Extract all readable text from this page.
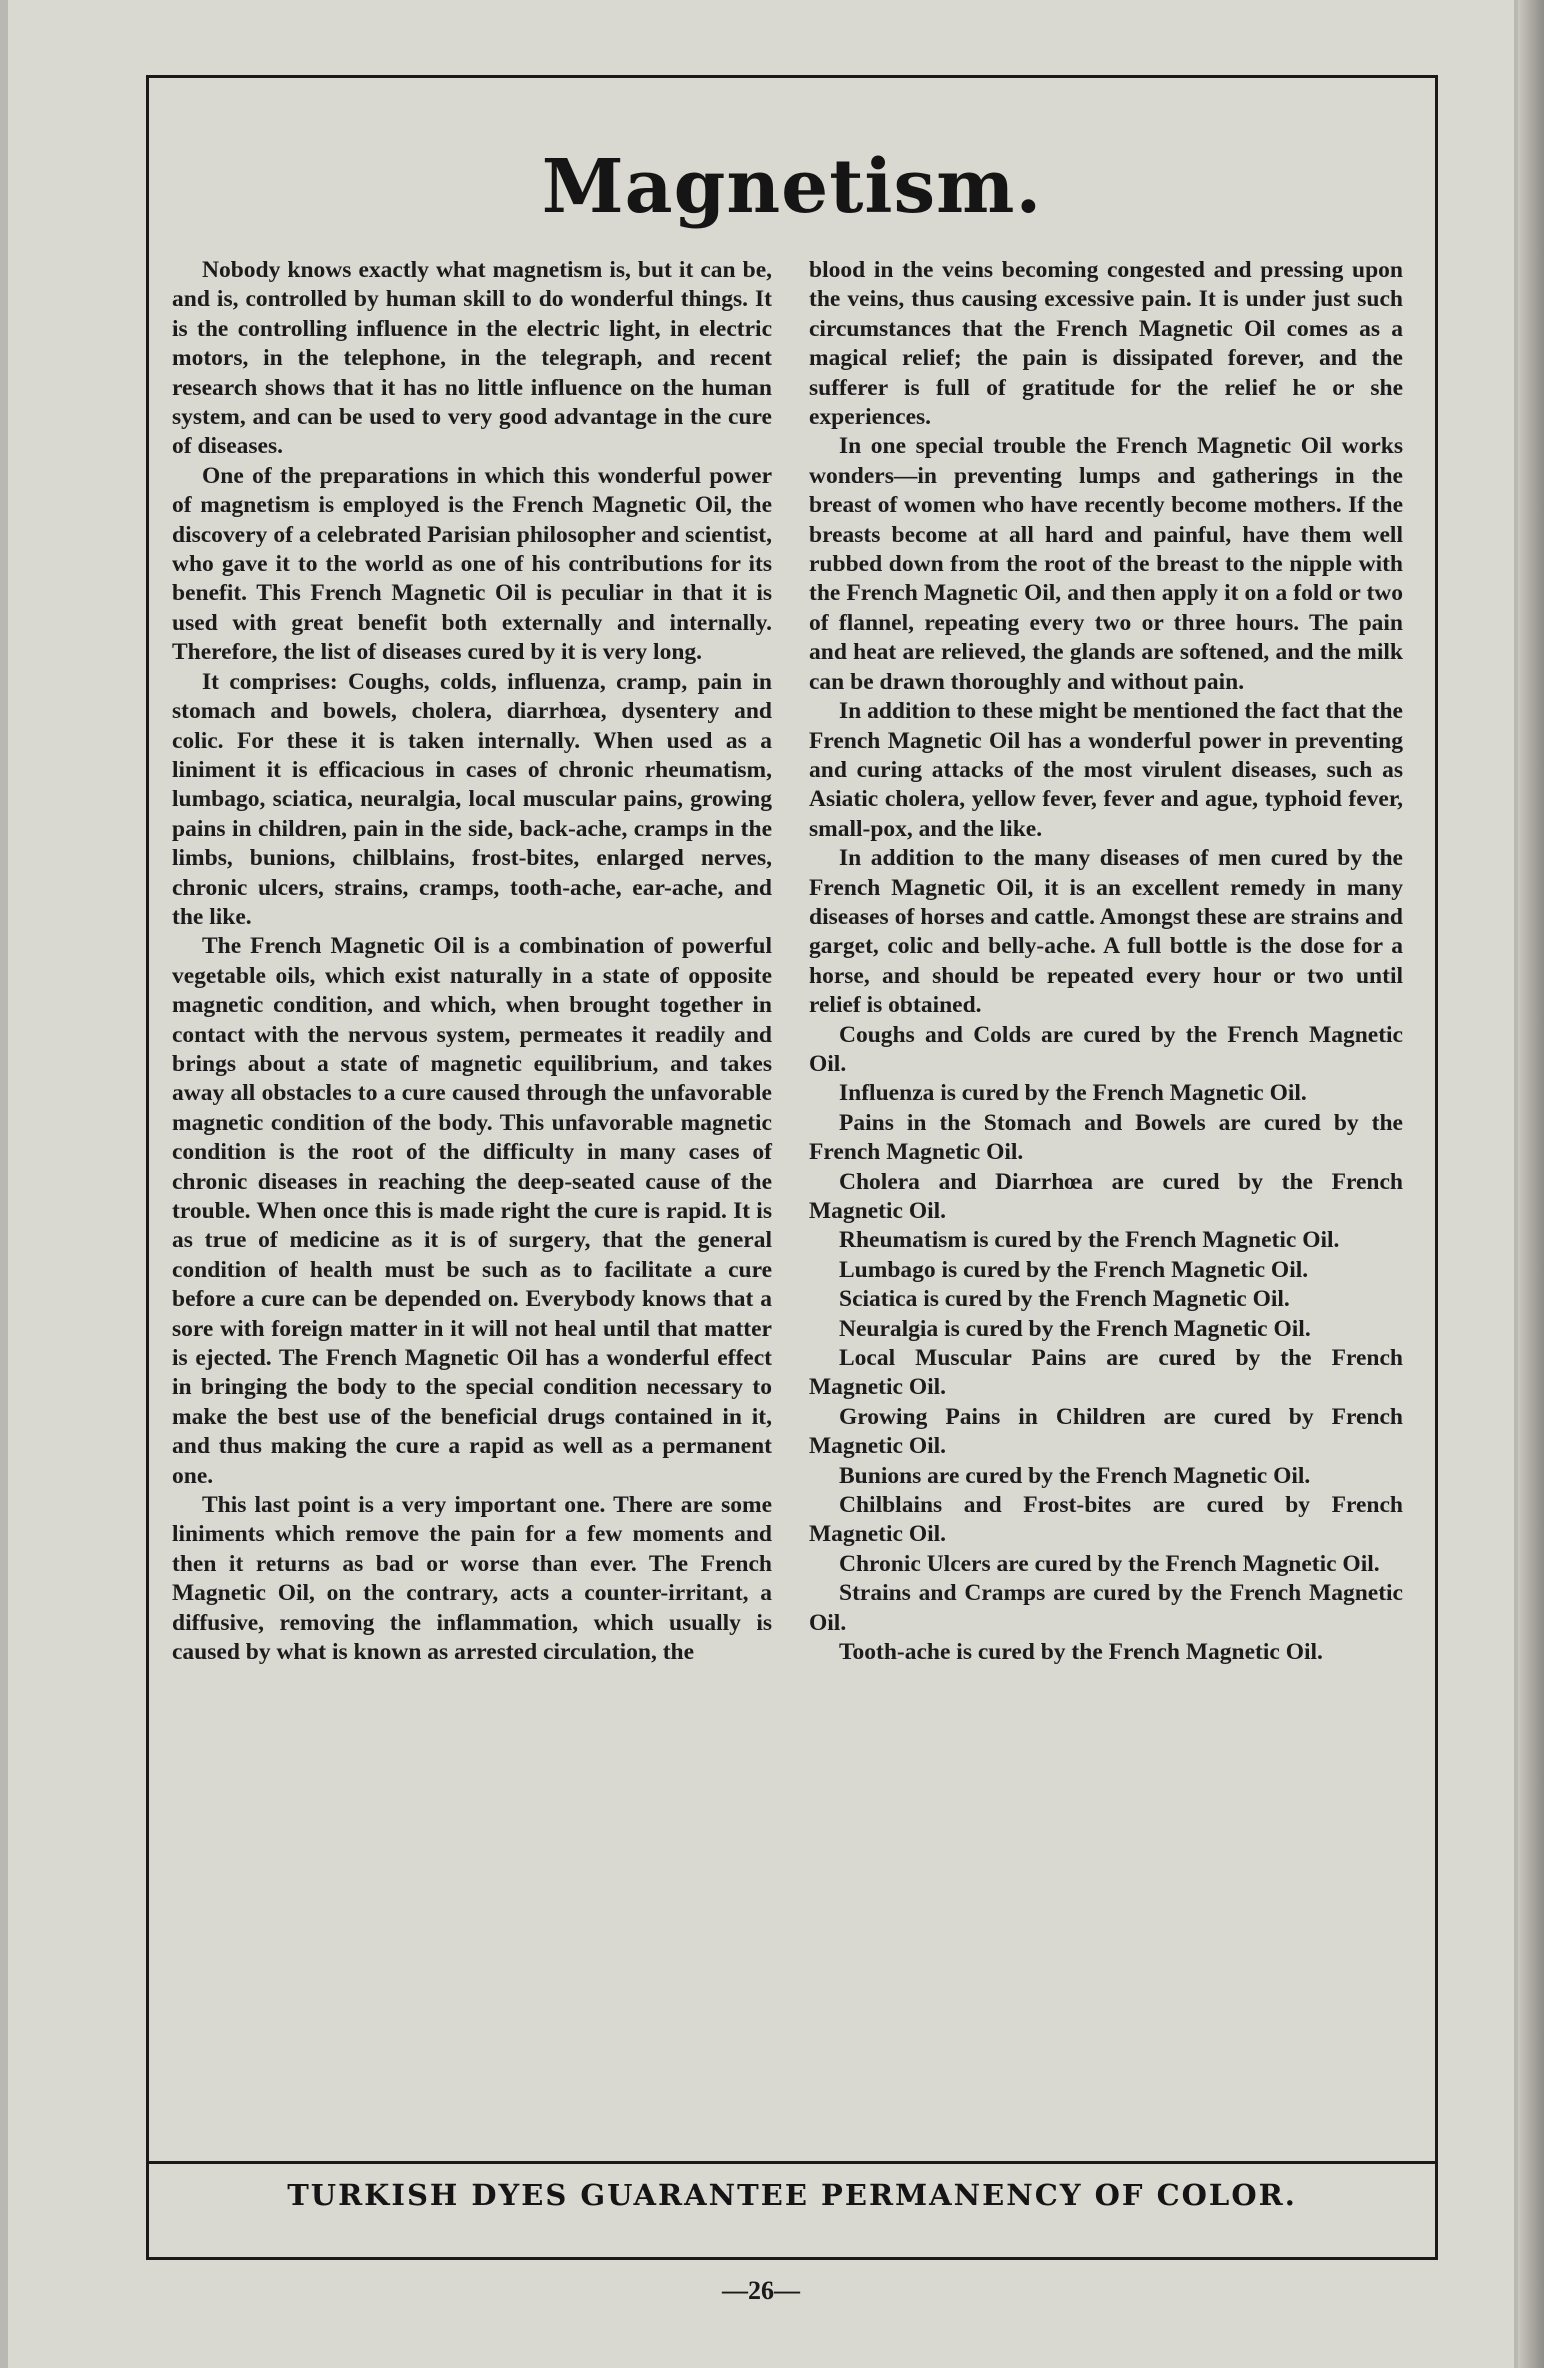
Magnetism.

Nobody knows exactly what magnetism is, but it can be, and is, controlled by human skill to do wonderful things. It is the controlling influence in the electric light, in electric motors, in the telephone, in the telegraph, and recent research shows that it has no little influence on the human system, and can be used to very good advantage in the cure of diseases.

One of the preparations in which this wonderful power of magnetism is employed is the French Magnetic Oil, the discovery of a celebrated Parisian philosopher and scientist, who gave it to the world as one of his contributions for its benefit. This French Magnetic Oil is peculiar in that it is used with great benefit both externally and internally. Therefore, the list of diseases cured by it is very long.

It comprises: Coughs, colds, influenza, cramp, pain in stomach and bowels, cholera, diarrhœa, dysentery and colic. For these it is taken internally. When used as a liniment it is efficacious in cases of chronic rheumatism, lumbago, sciatica, neuralgia, local muscular pains, growing pains in children, pain in the side, back-ache, cramps in the limbs, bunions, chilblains, frost-bites, enlarged nerves, chronic ulcers, strains, cramps, tooth-ache, ear-ache, and the like.

The French Magnetic Oil is a combination of powerful vegetable oils, which exist naturally in a state of opposite magnetic condition, and which, when brought together in contact with the nervous system, permeates it readily and brings about a state of magnetic equilibrium, and takes away all obstacles to a cure caused through the unfavorable magnetic condition of the body. This unfavorable magnetic condition is the root of the difficulty in many cases of chronic diseases in reaching the deep-seated cause of the trouble. When once this is made right the cure is rapid. It is as true of medicine as it is of surgery, that the general condition of health must be such as to facilitate a cure before a cure can be depended on. Everybody knows that a sore with foreign matter in it will not heal until that matter is ejected. The French Magnetic Oil has a wonderful effect in bringing the body to the special condition necessary to make the best use of the beneficial drugs contained in it, and thus making the cure a rapid as well as a permanent one.

This last point is a very important one. There are some liniments which remove the pain for a few moments and then it returns as bad or worse than ever. The French Magnetic Oil, on the contrary, acts a counter-irritant, a diffusive, removing the inflammation, which usually is caused by what is known as arrested circulation, the

blood in the veins becoming congested and pressing upon the veins, thus causing excessive pain. It is under just such circumstances that the French Magnetic Oil comes as a magical relief; the pain is dissipated forever, and the sufferer is full of gratitude for the relief he or she experiences.

In one special trouble the French Magnetic Oil works wonders—in preventing lumps and gatherings in the breast of women who have recently become mothers. If the breasts become at all hard and painful, have them well rubbed down from the root of the breast to the nipple with the French Magnetic Oil, and then apply it on a fold or two of flannel, repeating every two or three hours. The pain and heat are relieved, the glands are softened, and the milk can be drawn thoroughly and without pain.

In addition to these might be mentioned the fact that the French Magnetic Oil has a wonderful power in preventing and curing attacks of the most virulent diseases, such as Asiatic cholera, yellow fever, fever and ague, typhoid fever, small-pox, and the like.

In addition to the many diseases of men cured by the French Magnetic Oil, it is an excellent remedy in many diseases of horses and cattle. Amongst these are strains and garget, colic and belly-ache. A full bottle is the dose for a horse, and should be repeated every hour or two until relief is obtained.

Coughs and Colds are cured by the French Magnetic Oil.

Influenza is cured by the French Magnetic Oil.

Pains in the Stomach and Bowels are cured by the French Magnetic Oil.

Cholera and Diarrhœa are cured by the French Magnetic Oil.

Rheumatism is cured by the French Magnetic Oil.

Lumbago is cured by the French Magnetic Oil.

Sciatica is cured by the French Magnetic Oil.

Neuralgia is cured by the French Magnetic Oil.

Local Muscular Pains are cured by the French Magnetic Oil.

Growing Pains in Children are cured by French Magnetic Oil.

Bunions are cured by the French Magnetic Oil.

Chilblains and Frost-bites are cured by French Magnetic Oil.

Chronic Ulcers are cured by the French Magnetic Oil.

Strains and Cramps are cured by the French Magnetic Oil.

Tooth-ache is cured by the French Magnetic Oil.

TURKISH DYES GUARANTEE PERMANENCY OF COLOR.
—26—
